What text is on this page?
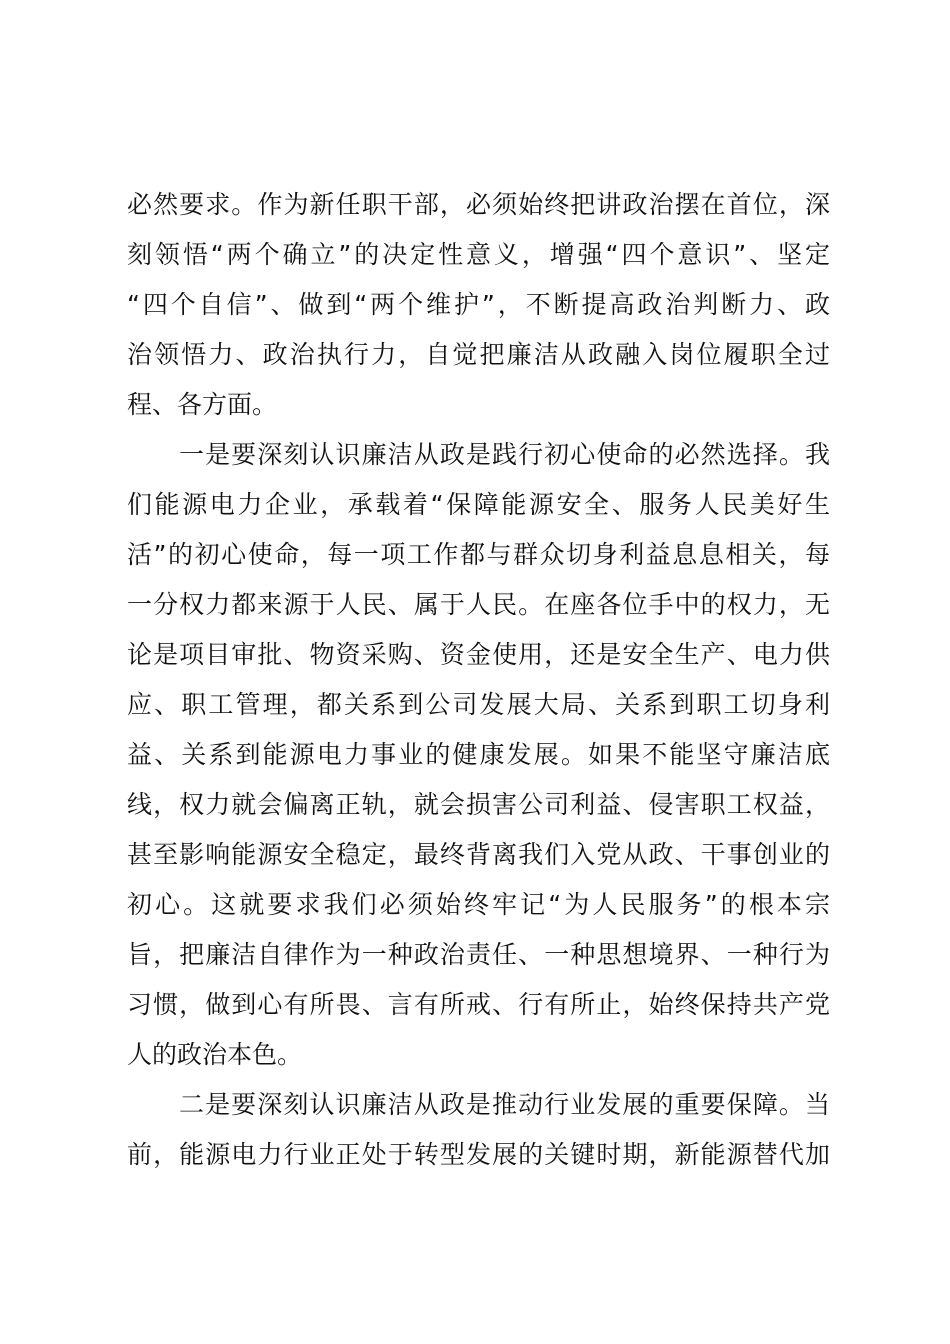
必然要求。作为新任职干部，必须始终把讲政治摆在首位，深
刻领悟“两个确立”的决定性意义，增强“四个意识”、坚定
“四个自信”、做到“两个维护”，不断提高政治判断力、政
治领悟力、政治执行力，自觉把廉洁从政融入岗位履职全过
程、各方面。
一是要深刻认识廉洁从政是践行初心使命的必然选择。我
们能源电力企业，承载着“保障能源安全、服务人民美好生
活”的初心使命，每一项工作都与群众切身利益息息相关，每
一分权力都来源于人民、属于人民。在座各位手中的权力，无
论是项目审批、物资采购、资金使用，还是安全生产、电力供
应、职工管理，都关系到公司发展大局、关系到职工切身利
益、关系到能源电力事业的健康发展。如果不能坚守廉洁底
线，权力就会偏离正轨，就会损害公司利益、侵害职工权益，
甚至影响能源安全稳定，最终背离我们入党从政、干事创业的
初心。这就要求我们必须始终牢记“为人民服务”的根本宗
旨，把廉洁自律作为一种政治责任、一种思想境界、一种行为
习惯，做到心有所畏、言有所戒、行有所止，始终保持共产党
人的政治本色。
二是要深刻认识廉洁从政是推动行业发展的重要保障。当
前，能源电力行业正处于转型发展的关键时期，新能源替代加
